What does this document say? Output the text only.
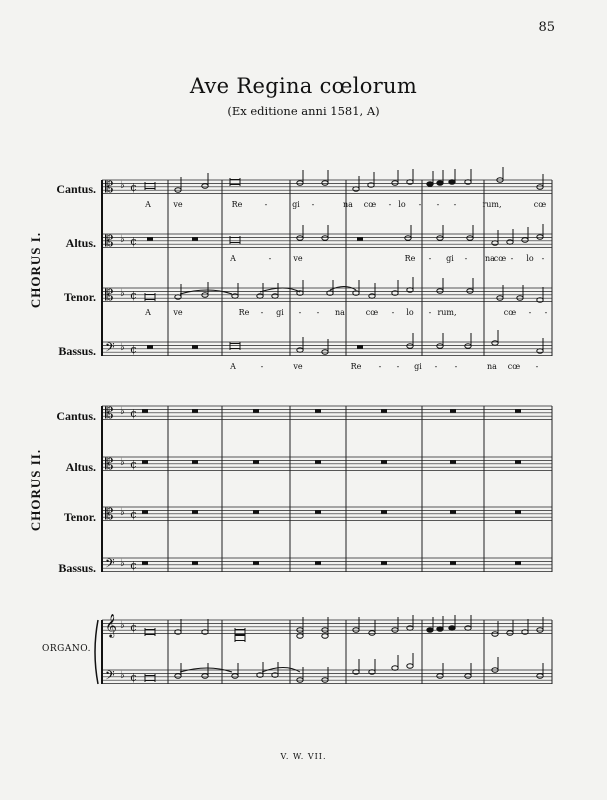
85
Ave Regina cœlorum
(Ex editione anni 1581, A)
Cantus.
Altus.
Tenor.
Bassus.
CHORUS I.
Cantus.
Altus.
Tenor.
Bassus.
CHORUS II.
ORGANO.
V. W. VII.
𝄡 ♭ ¢
𝄡 ♭ ¢
𝄡 ♭ ¢
𝄢 ♭ ¢
𝄡 ♭ ¢
𝄡 ♭ ¢
𝄡 ♭ ¢
𝄢 ♭ ¢
𝄞 ♭ ¢
𝄢 ♭ ¢
A	ve	Re	-	gi -	na cœ - lo - - -	rum,	cœ
A	-	ve	Re - gi - na
cœ - lo -
A	ve	Re - gi - - na	cœ - lo - rum,	cœ - -
A	-	ve	Re - - gi - -	na cœ -
